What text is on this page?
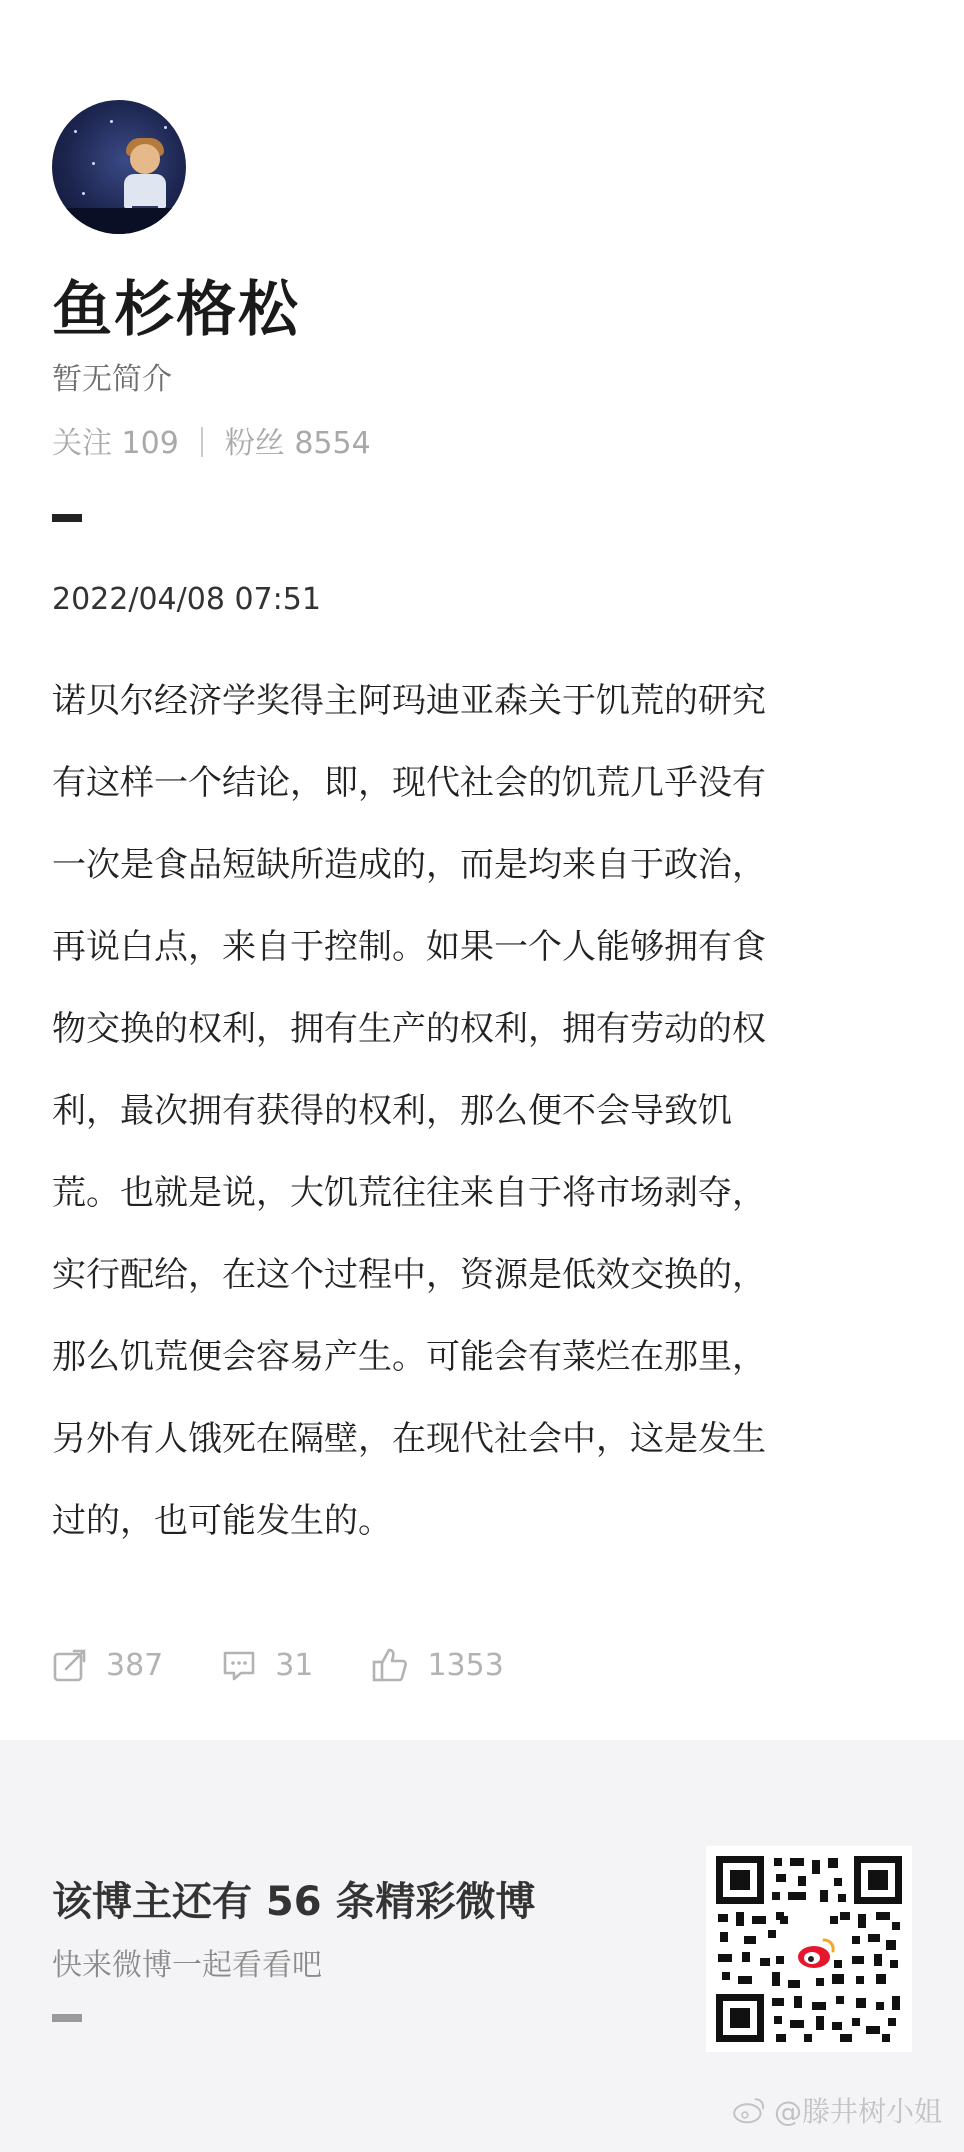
鱼杉格松
暂无简介
关注 109 粉丝 8554
2022/04/08 07:51
诺贝尔经济学奖得主阿玛迪亚森关于饥荒的研究
有这样一个结论，即，现代社会的饥荒几乎没有
一次是食品短缺所造成的，而是均来自于政治，
再说白点，来自于控制。如果一个人能够拥有食
物交换的权利，拥有生产的权利，拥有劳动的权
利，最次拥有获得的权利，那么便不会导致饥
荒。也就是说，大饥荒往往来自于将市场剥夺，
实行配给，在这个过程中，资源是低效交换的，
那么饥荒便会容易产生。可能会有菜烂在那里，
另外有人饿死在隔壁，在现代社会中，这是发生
过的，也可能发生的。
387	31	1353
该博主还有 56 条精彩微博
快来微博一起看看吧
@滕井树小姐
